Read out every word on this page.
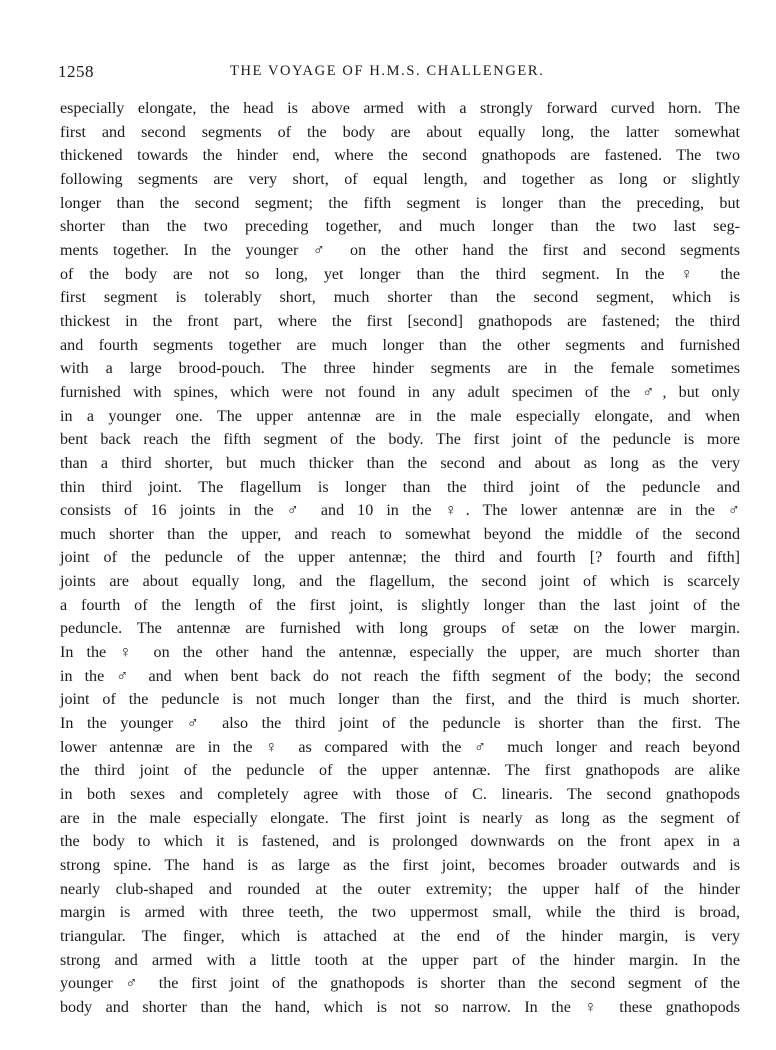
1258	THE VOYAGE OF H.M.S. CHALLENGER.
especially elongate, the head is above armed with a strongly forward curved horn. The
first and second segments of the body are about equally long, the latter somewhat
thickened towards the hinder end, where the second gnathopods are fastened. The two
following segments are very short, of equal length, and together as long or slightly
longer than the second segment; the fifth segment is longer than the preceding, but
shorter than the two preceding together, and much longer than the two last seg-
ments together. In the younger ♂ on the other hand the first and second segments
of the body are not so long, yet longer than the third segment. In the ♀ the
first segment is tolerably short, much shorter than the second segment, which is
thickest in the front part, where the first [second] gnathopods are fastened; the third
and fourth segments together are much longer than the other segments and furnished
with a large brood-pouch. The three hinder segments are in the female sometimes
furnished with spines, which were not found in any adult specimen of the ♂, but only
in a younger one. The upper antennæ are in the male especially elongate, and when
bent back reach the fifth segment of the body. The first joint of the peduncle is more
than a third shorter, but much thicker than the second and about as long as the very
thin third joint. The flagellum is longer than the third joint of the peduncle and
consists of 16 joints in the ♂ and 10 in the ♀. The lower antennæ are in the ♂
much shorter than the upper, and reach to somewhat beyond the middle of the second
joint of the peduncle of the upper antennæ; the third and fourth [? fourth and fifth]
joints are about equally long, and the flagellum, the second joint of which is scarcely
a fourth of the length of the first joint, is slightly longer than the last joint of the
peduncle. The antennæ are furnished with long groups of setæ on the lower margin.
In the ♀ on the other hand the antennæ, especially the upper, are much shorter than
in the ♂ and when bent back do not reach the fifth segment of the body; the second
joint of the peduncle is not much longer than the first, and the third is much shorter.
In the younger ♂ also the third joint of the peduncle is shorter than the first. The
lower antennæ are in the ♀ as compared with the ♂ much longer and reach beyond
the third joint of the peduncle of the upper antennæ. The first gnathopods are alike
in both sexes and completely agree with those of C. linearis. The second gnathopods
are in the male especially elongate. The first joint is nearly as long as the segment of
the body to which it is fastened, and is prolonged downwards on the front apex in a
strong spine. The hand is as large as the first joint, becomes broader outwards and is
nearly club-shaped and rounded at the outer extremity; the upper half of the hinder
margin is armed with three teeth, the two uppermost small, while the third is broad,
triangular. The finger, which is attached at the end of the hinder margin, is very
strong and armed with a little tooth at the upper part of the hinder margin. In the
younger ♂ the first joint of the gnathopods is shorter than the second segment of the
body and shorter than the hand, which is not so narrow. In the ♀ these gnathopods
